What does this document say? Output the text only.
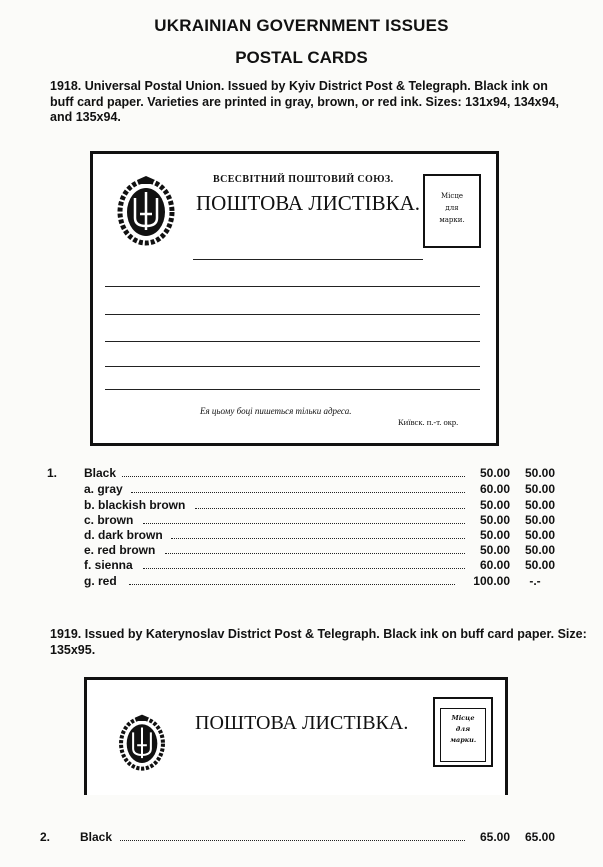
UKRAINIAN GOVERNMENT ISSUES
POSTAL CARDS
1918. Universal Postal Union. Issued by Kyiv District Post & Telegraph. Black ink on buff card paper. Varieties are printed in gray, brown, or red ink. Sizes: 131x94, 134x94, and 135x94.
ВСЕСВІТНИЙ ПОШТОВИЙ СОЮЗ.
ПОШТОВА ЛИСТІВКА.	Місце
для
марки.
Ея цьому боці пишеться тільки адреса.
Київск. п.-т. окр.
1. Black	50.00	50.00
a. gray	60.00	50.00
b. blackish brown	50.00	50.00
c. brown	50.00	50.00
d. dark brown	50.00	50.00
e. red brown	50.00	50.00
f. sienna	60.00	50.00
g. red	100.00	-.-
1919. Issued by Katerynoslav District Post & Telegraph. Black ink on buff card paper. Size: 135x95.
ПОШТОВА ЛИСТІВКА.	Місце
для
марки.
2. Black	65.00	65.00
